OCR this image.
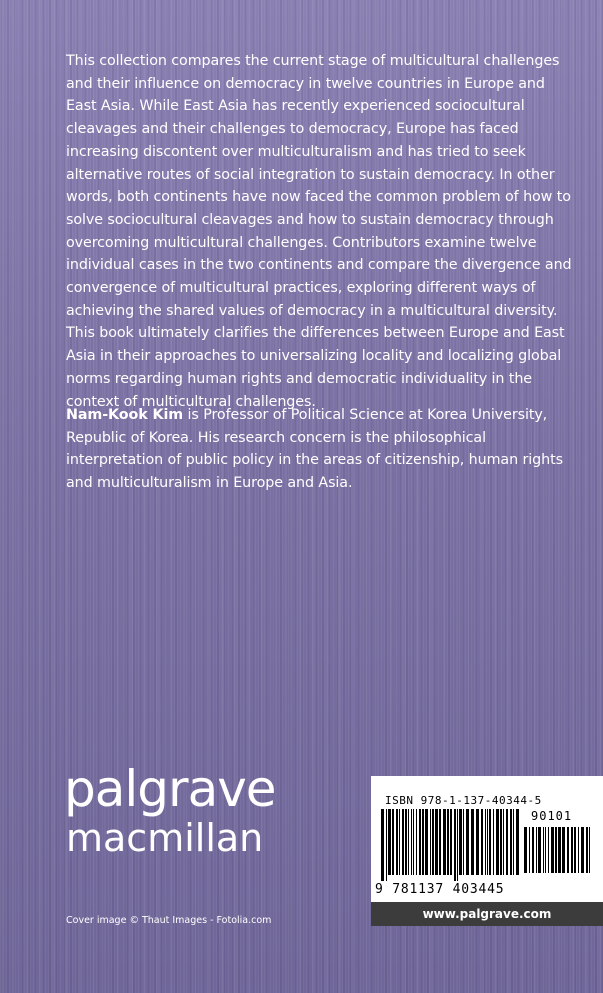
This collection compares the current stage of multicultural challenges and their influence on democracy in twelve countries in Europe and East Asia. While East Asia has recently experienced sociocultural cleavages and their challenges to democracy, Europe has faced increasing discontent over multiculturalism and has tried to seek alternative routes of social integration to sustain democracy. In other words, both continents have now faced the common problem of how to solve sociocultural cleavages and how to sustain democracy through overcoming multicultural challenges. Contributors examine twelve individual cases in the two continents and compare the divergence and convergence of multicultural practices, exploring different ways of achieving the shared values of democracy in a multicultural diversity. This book ultimately clarifies the differences between Europe and East Asia in their approaches to universalizing locality and localizing global norms regarding human rights and democratic individuality in the context of multicultural challenges.

Nam-Kook Kim is Professor of Political Science at Korea University, Republic of Korea. His research concern is the philosophical interpretation of public policy in the areas of citizenship, human rights and multiculturalism in Europe and Asia.

palgrave
macmillan
Cover image © Thaut Images - Fotolia.com
ISBN 978-1-137-40344-5
90101
9 781137 403445
www.palgrave.com
